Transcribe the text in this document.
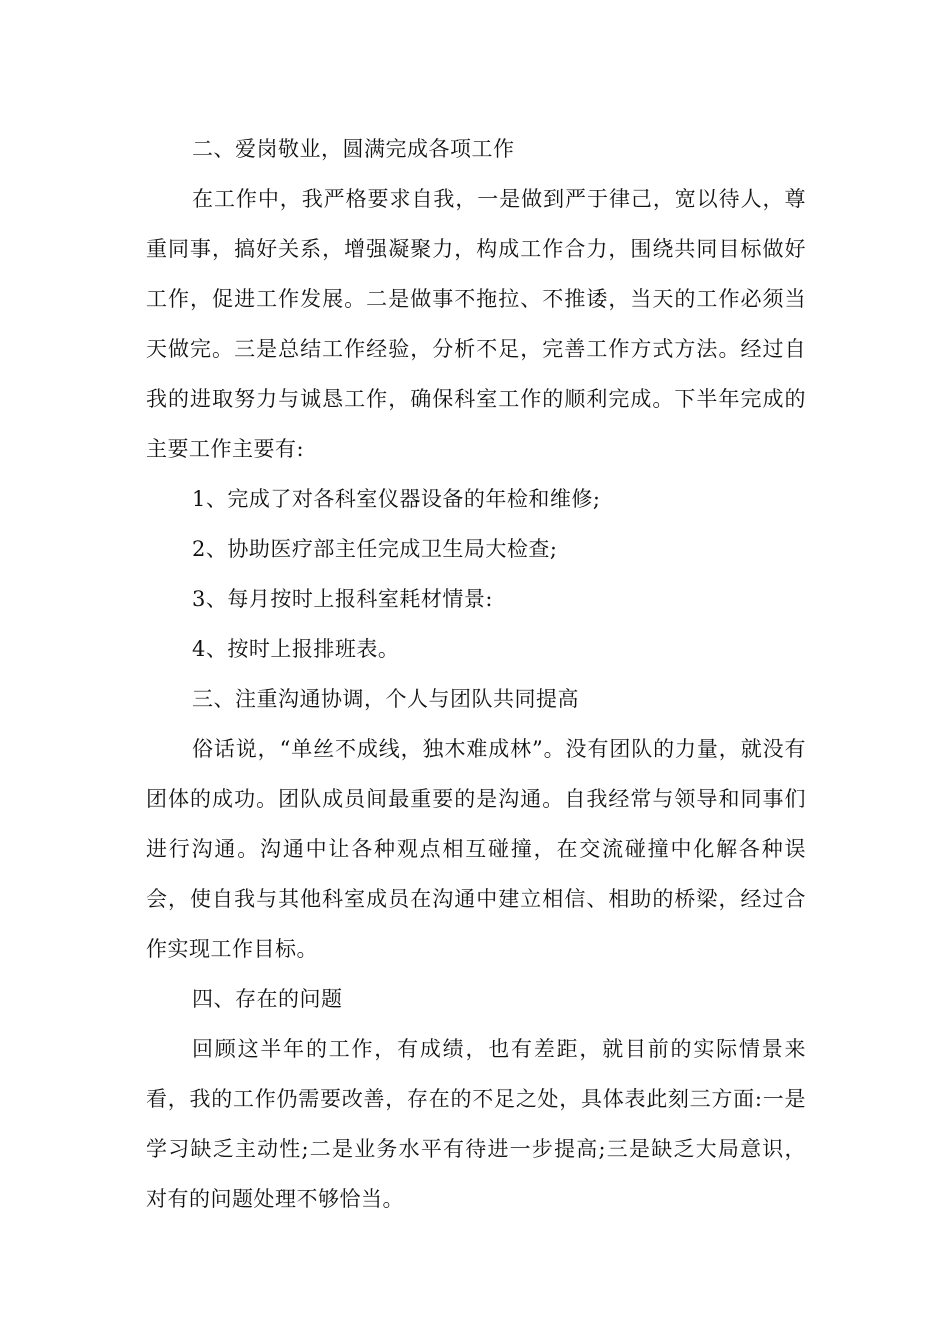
二、爱岗敬业，圆满完成各项工作

在工作中，我严格要求自我，一是做到严于律己，宽以待人，尊重同事，搞好关系，增强凝聚力，构成工作合力，围绕共同目标做好工作，促进工作发展。二是做事不拖拉、不推诿，当天的工作必须当天做完。三是总结工作经验，分析不足，完善工作方式方法。经过自我的进取努力与诚恳工作，确保科室工作的顺利完成。下半年完成的主要工作主要有:

1、完成了对各科室仪器设备的年检和维修;

2、协助医疗部主任完成卫生局大检查;

3、每月按时上报科室耗材情景:

4、按时上报排班表。

三、注重沟通协调，个人与团队共同提高

俗话说，“单丝不成线，独木难成林”。没有团队的力量，就没有团体的成功。团队成员间最重要的是沟通。自我经常与领导和同事们进行沟通。沟通中让各种观点相互碰撞，在交流碰撞中化解各种误会，使自我与其他科室成员在沟通中建立相信、相助的桥梁，经过合作实现工作目标。

四、存在的问题

回顾这半年的工作，有成绩，也有差距，就目前的实际情景来看，我的工作仍需要改善，存在的不足之处，具体表此刻三方面:一是学习缺乏主动性;二是业务水平有待进一步提高;三是缺乏大局意识，对有的问题处理不够恰当。
